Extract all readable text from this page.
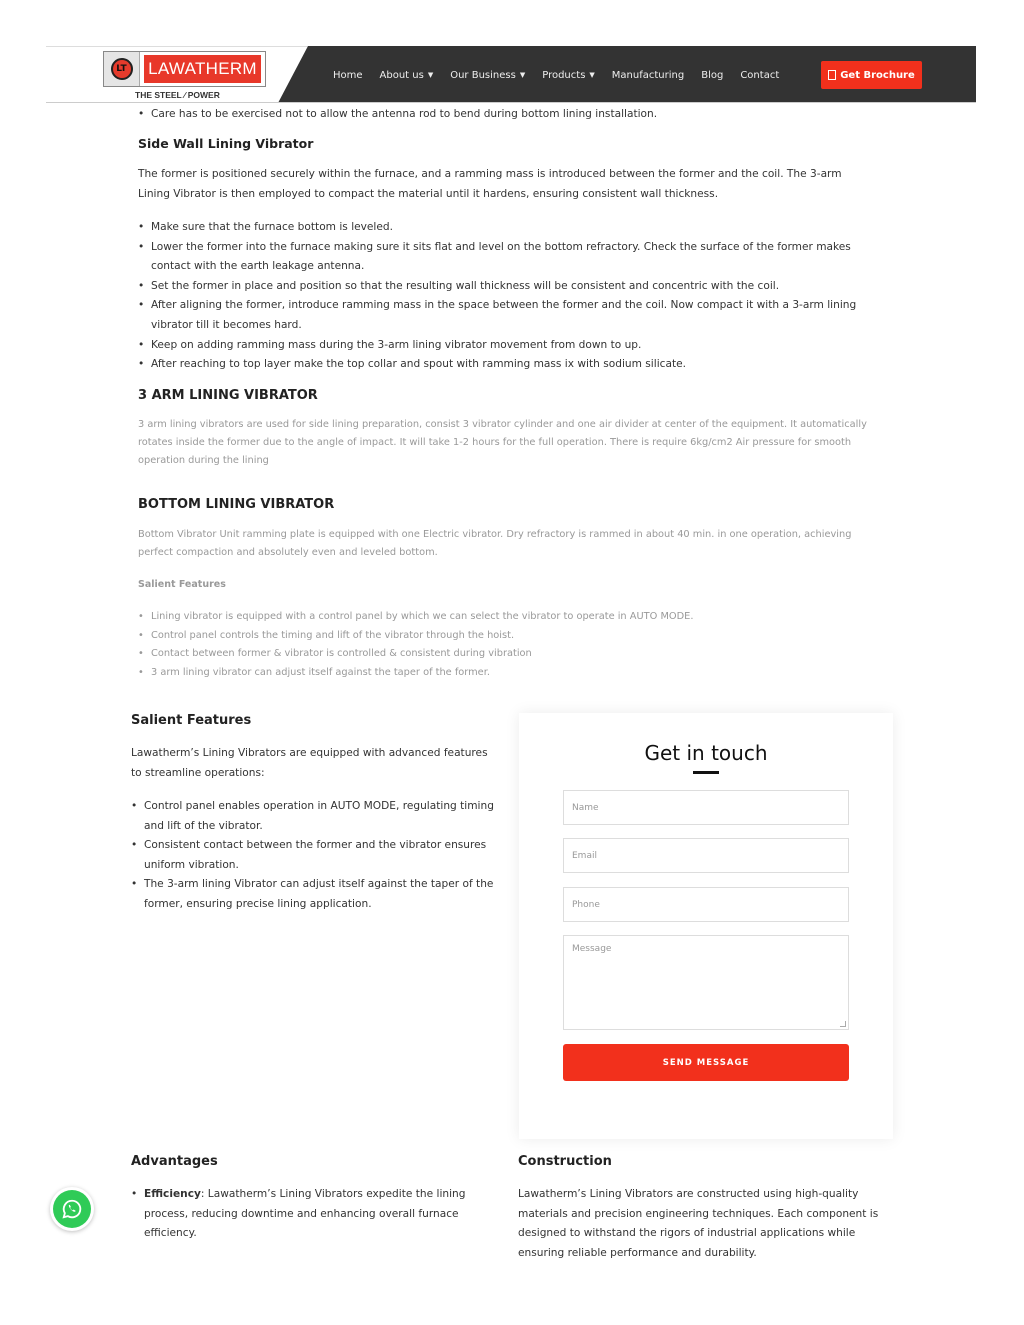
LT	LAWATHERM
THE STEEL ∕ POWER
Home About us ▼ Our Business ▼ Products ▼ Manufacturing Blog Contact	Get Brochure
• Care has to be exercised not to allow the antenna rod to bend during bottom lining installation.
Side Wall Lining Vibrator
The former is positioned securely within the furnace, and a ramming mass is introduced between the former and the coil. The 3-arm
Lining Vibrator is then employed to compact the material until it hardens, ensuring consistent wall thickness.
• Make sure that the furnace bottom is leveled.
• Lower the former into the furnace making sure it sits flat and level on the bottom refractory. Check the surface of the former makes contact with the earth leakage antenna.
• Set the former in place and position so that the resulting wall thickness will be consistent and concentric with the coil.
• After aligning the former, introduce ramming mass in the space between the former and the coil. Now compact it with a 3-arm lining vibrator till it becomes hard.
• Keep on adding ramming mass during the 3-arm lining vibrator movement from down to up.
• After reaching to top layer make the top collar and spout with ramming mass ix with sodium silicate.
3 ARM LINING VIBRATOR
3 arm lining vibrators are used for side lining preparation, consist 3 vibrator cylinder and one air divider at center of the equipment. It automatically
rotates inside the former due to the angle of impact. It will take 1-2 hours for the full operation. There is require 6kg/cm2 Air pressure for smooth
operation during the lining
BOTTOM LINING VIBRATOR
Bottom Vibrator Unit ramming plate is equipped with one Electric vibrator. Dry refractory is rammed in about 40 min. in one operation, achieving
perfect compaction and absolutely even and leveled bottom.
Salient Features
• Lining vibrator is equipped with a control panel by which we can select the vibrator to operate in AUTO MODE.
• Control panel controls the timing and lift of the vibrator through the hoist.
• Contact between former & vibrator is controlled & consistent during vibration
• 3 arm lining vibrator can adjust itself against the taper of the former.
Salient Features
Lawatherm’s Lining Vibrators are equipped with advanced features
to streamline operations:
• Control panel enables operation in AUTO MODE, regulating timing and lift of the vibrator.
• Consistent contact between the former and the vibrator ensures uniform vibration.
• The 3-arm lining Vibrator can adjust itself against the taper of the former, ensuring precise lining application.
Get in touch
Name
Email
Phone
Message
SEND MESSAGE
Advantages
• Efficiency: Lawatherm’s Lining Vibrators expedite the lining process, reducing downtime and enhancing overall furnace efficiency.
Construction
Lawatherm’s Lining Vibrators are constructed using high-quality materials and precision engineering techniques. Each component is designed to withstand the rigors of industrial applications while ensuring reliable performance and durability.
